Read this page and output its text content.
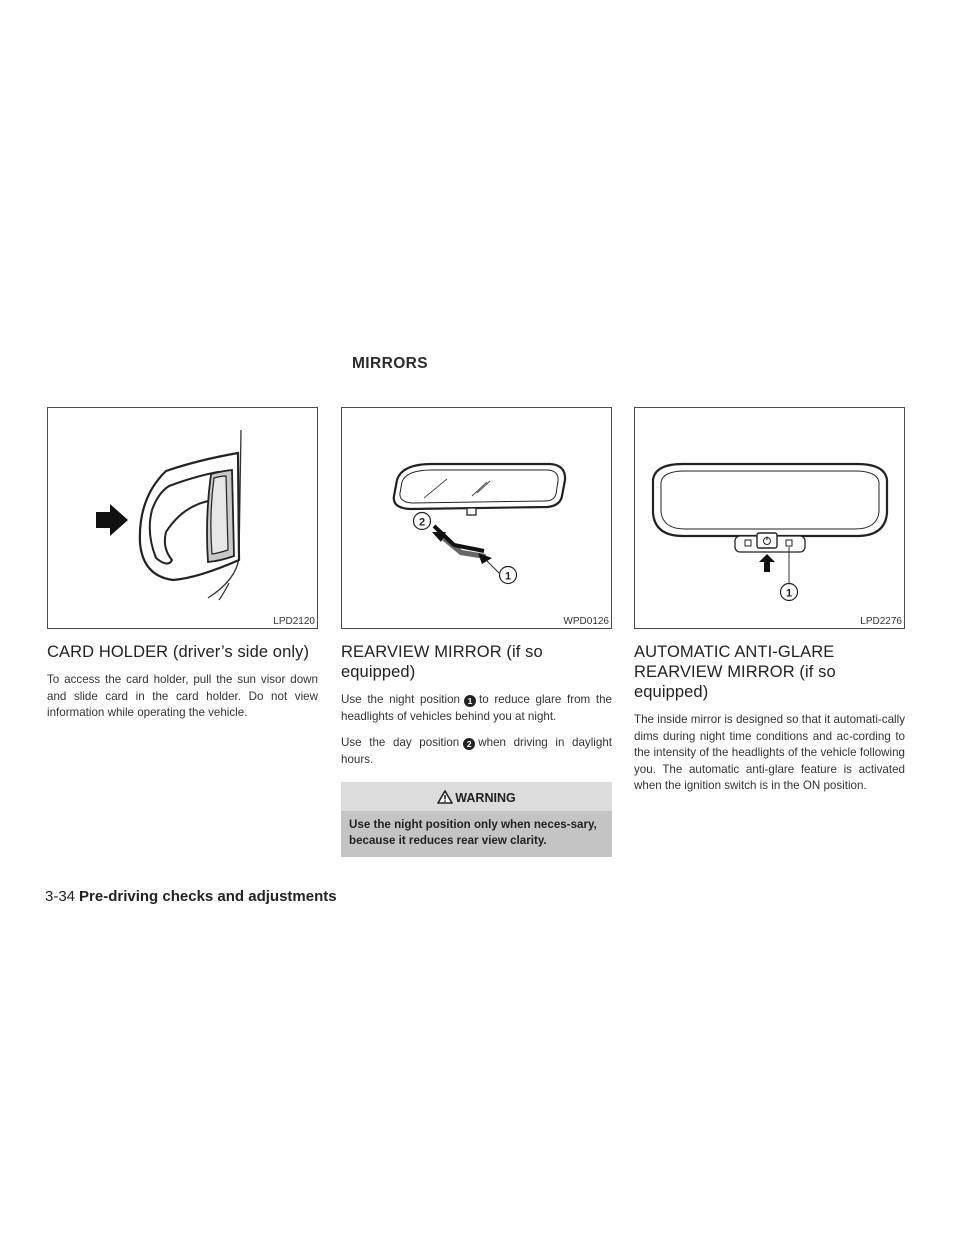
MIRRORS
LPD2120
CARD HOLDER (driver’s side only)

To access the card holder, pull the sun visor down and slide card in the card holder. Do not view information while operating the vehicle.

2
1
WPD0126
REARVIEW MIRROR (if so equipped)

Use the night position 1 to reduce glare from the headlights of vehicles behind you at night.

Use the day position 2 when driving in daylight hours.

WARNING
Use the night position only when neces-sary, because it reduces rear view clarity.
1
LPD2276
AUTOMATIC ANTI-GLARE REARVIEW MIRROR (if so equipped)

The inside mirror is designed so that it automati-cally dims during night time conditions and ac-cording to the intensity of the headlights of the vehicle following you. The automatic anti-glare feature is activated when the ignition switch is in the ON position.

3-34 Pre-driving checks and adjustments
